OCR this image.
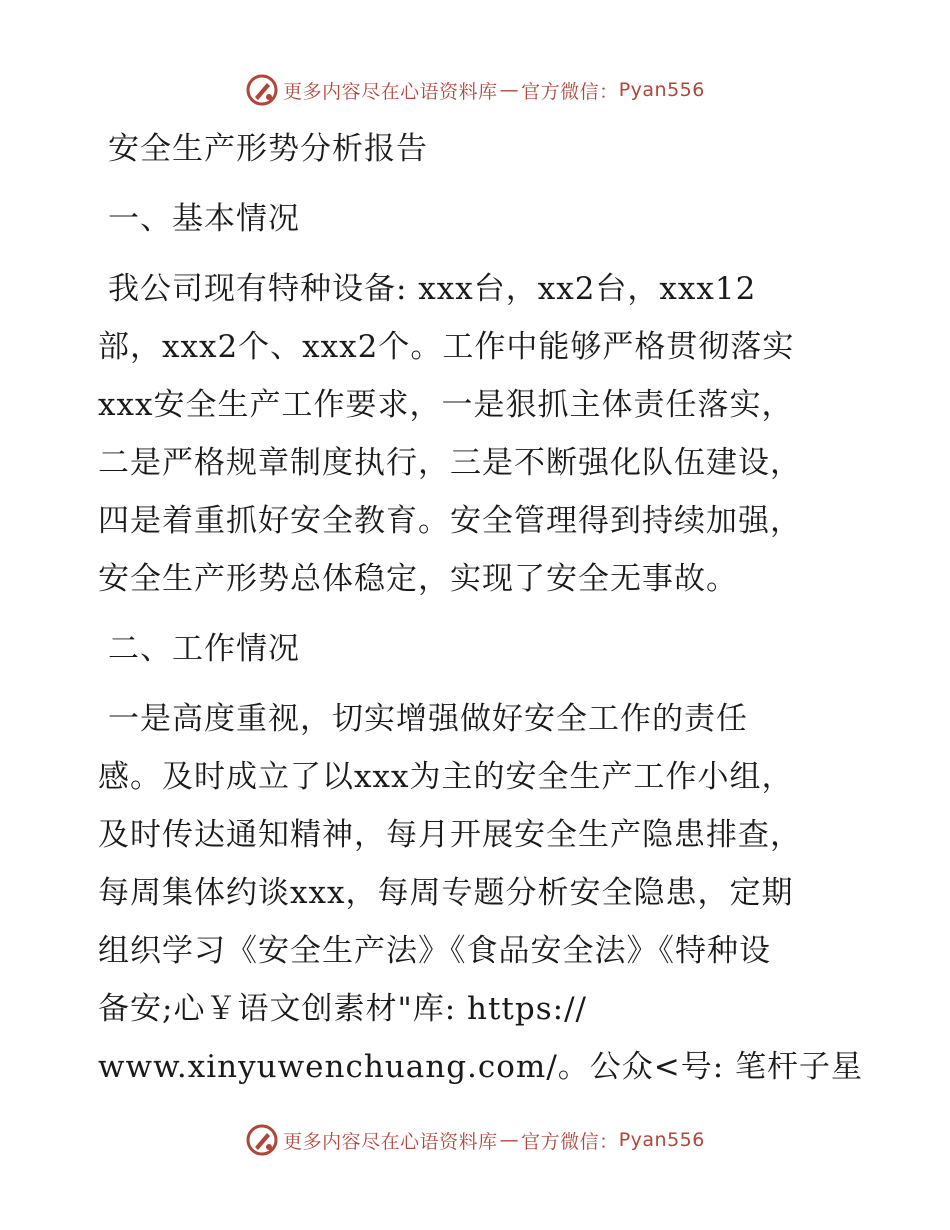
更多内容尽在心语资料库 — 官方微信： Pyan556
安全生产形势分析报告
一、基本情况
我公司现有特种设备: xxx台，xx2台，xxx12
部，xxx2个、xxx2个。工作中能够严格贯彻落实
xxx安全生产工作要求，一是狠抓主体责任落实，
二是严格规章制度执行，三是不断强化队伍建设，
四是着重抓好安全教育。安全管理得到持续加强，
安全生产形势总体稳定，实现了安全无事故。
二、工作情况
一是高度重视，切实增强做好安全工作的责任
感。及时成立了以xxx为主的安全生产工作小组，
及时传达通知精神，每月开展安全生产隐患排查，
每周集体约谈xxx，每周专题分析安全隐患，定期
组织学习《安全生产法》《食品安全法》《特种设
备安;心￥语文创素材"库: https://
www.xinyuwenchuang.com/。公众<号: 笔杆子星
更多内容尽在心语资料库 — 官方微信： Pyan556
